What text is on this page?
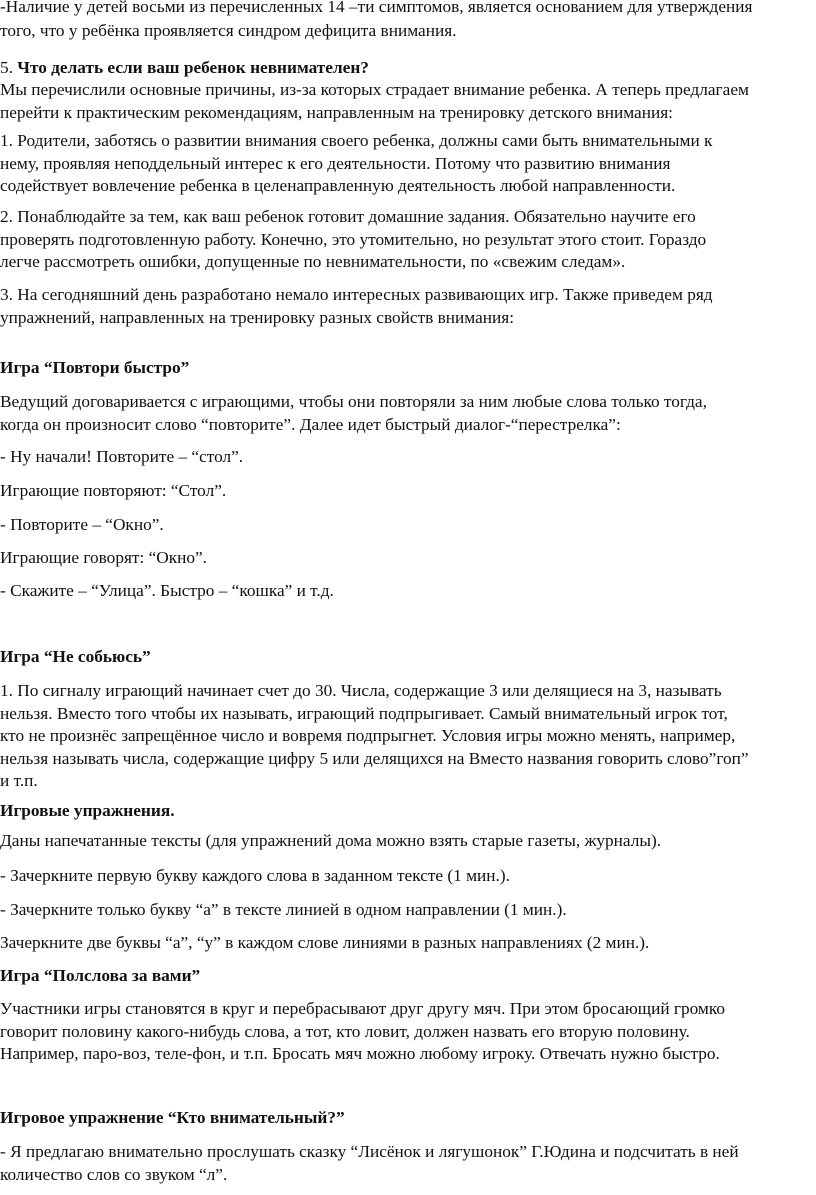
-Наличие у детей восьми из перечисленных 14 –ти симптомов, является основанием для утверждения

того, что у ребёнка проявляется синдром дефицита внимания.

5. Что делать если ваш ребенок невнимателен?

Мы перечислили основные причины, из-за которых страдает внимание ребенка. А теперь предлагаем
перейти к практическим рекомендациям, направленным на тренировку детского внимания:

1. Родители, заботясь о развитии внимания своего ребенка, должны сами быть внимательными к
нему, проявляя неподдельный интерес к его деятельности. Потому что развитию внимания
содействует вовлечение ребенка в целенаправленную деятельность любой направленности.

2. Понаблюдайте за тем, как ваш ребенок готовит домашние задания. Обязательно научите его
проверять подготовленную работу. Конечно, это утомительно, но результат этого стоит. Гораздо
легче рассмотреть ошибки, допущенные по невнимательности, по «свежим следам».

3. На сегодняшний день разработано немало интересных развивающих игр. Также приведем ряд
упражнений, направленных на тренировку разных свойств внимания:

Игра “Повтори быстро”

Ведущий договаривается с играющими, чтобы они повторяли за ним любые слова только тогда,
когда он произносит слово “повторите”. Далее идет быстрый диалог-“перестрелка”:

- Ну начали! Повторите – “стол”.

Играющие повторяют: “Стол”.

- Повторите – “Окно”.

Играющие говорят: “Окно”.

- Скажите – “Улица”. Быстро – “кошка” и т.д.

Игра “Не собьюсь”

1. По сигналу играющий начинает счет до 30. Числа, содержащие 3 или делящиеся на 3, называть
нельзя. Вместо того чтобы их называть, играющий подпрыгивает. Самый внимательный игрок тот,
кто не произнёс запрещённое число и вовремя подпрыгнет. Условия игры можно менять, например,
нельзя называть числа, содержащие цифру 5 или делящихся на Вместо названия говорить слово”гоп”
и т.п.

Игровые упражнения.

Даны напечатанные тексты (для упражнений дома можно взять старые газеты, журналы).

- Зачеркните первую букву каждого слова в заданном тексте (1 мин.).

- Зачеркните только букву “а” в тексте линией в одном направлении (1 мин.).

Зачеркните две буквы “а”, “у” в каждом слове линиями в разных направлениях (2 мин.).

Игра “Полслова за вами”

Участники игры становятся в круг и перебрасывают друг другу мяч. При этом бросающий громко
говорит половину какого-нибудь слова, а тот, кто ловит, должен назвать его вторую половину.
Например, паро-воз, теле-фон, и т.п. Бросать мяч можно любому игроку. Отвечать нужно быстро.

Игровое упражнение “Кто внимательный?”

- Я предлагаю внимательно прослушать сказку “Лисёнок и лягушонок” Г.Юдина и подсчитать в ней
количество слов со звуком “л”.
